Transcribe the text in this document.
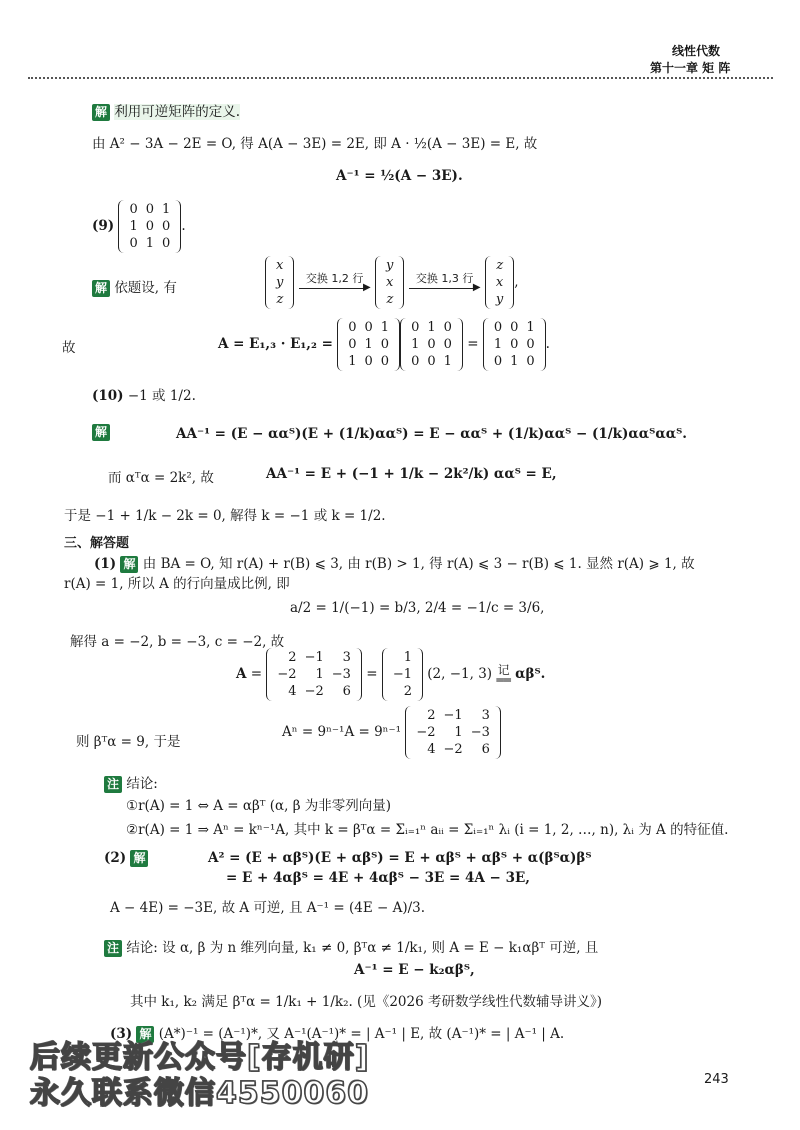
线性代数
第十一章 矩 阵
解 利用可逆矩阵的定义.
由 A² − 3A − 2E = O, 得 A(A − 3E) = 2E, 即 A · ½(A − 3E) = E, 故
A⁻¹ = ½(A − 3E).
(9)
0	0	1
1	0	0
0	1	0
.
解 依题设, 有
x
y
z

交换 1,2 行
▶

y
x
z

交换 1,3 行
▶

z
x
y
,
故	A = E₁,₃ · E₁,₂ =
0	0	1
0	1	0
1	0	0
0	1	0
1	0	0
0	0	1
=
0	0	1
1	0	0
0	1	0
.
(10) −1 或 1/2.
解	AA⁻¹ = (E − ααᵀ)(E + (1/k)ααᵀ) = E − ααᵀ + (1/k)ααᵀ − (1/k)ααᵀααᵀ.
而 αᵀα = 2k², 故	AA⁻¹ = E + (−1 + 1/k − 2k²/k) ααᵀ = E,
于是 −1 + 1/k − 2k = 0, 解得 k = −1 或 k = 1/2.
三、解答题
(1) 解 由 BA = O, 知 r(A) + r(B) ⩽ 3, 由 r(B) > 1, 得 r(A) ⩽ 3 − r(B) ⩽ 1. 显然 r(A) ⩾ 1, 故
r(A) = 1, 所以 A 的行向量成比例, 即
a/2 = 1/(−1) = b/3, 2/4 = −1/c = 3/6,
解得 a = −2, b = −3, c = −2, 故
A =
2	−1	3
−2	1	−3
4	−2	6
=
1
−1
2
(2, −1, 3) 记
══ αβᵀ.
则 βᵀα = 9, 于是
Aⁿ = 9ⁿ⁻¹A = 9ⁿ⁻¹
2	−1	3
−2	1	−3
4	−2	6
注 结论:
①r(A) = 1 ⇔ A = αβᵀ (α, β 为非零列向量)
②r(A) = 1 ⇒ Aⁿ = kⁿ⁻¹A, 其中 k = βᵀα = Σᵢ₌₁ⁿ aᵢᵢ = Σᵢ₌₁ⁿ λᵢ (i = 1, 2, …, n), λᵢ 为 A 的特征值.
(2) 解	A² = (E + αβᵀ)(E + αβᵀ) = E + αβᵀ + αβᵀ + α(βᵀα)βᵀ
= E + 4αβᵀ = 4E + 4αβᵀ − 3E = 4A − 3E,
A − 4E) = −3E, 故 A 可逆, 且 A⁻¹ = (4E − A)/3.
注 结论: 设 α, β 为 n 维列向量, k₁ ≠ 0, βᵀα ≠ 1/k₁, 则 A = E − k₁αβᵀ 可逆, 且
A⁻¹ = E − k₂αβᵀ,
其中 k₁, k₂ 满足 βᵀα = 1/k₁ + 1/k₂. (见《2026 考研数学线性代数辅导讲义》)
(3) 解 (A*)⁻¹ = (A⁻¹)*, 又 A⁻¹(A⁻¹)* = | A⁻¹ | E, 故 (A⁻¹)* = | A⁻¹ | A.
后续更新公众号[存机研]
永久联系微信4550060	243
